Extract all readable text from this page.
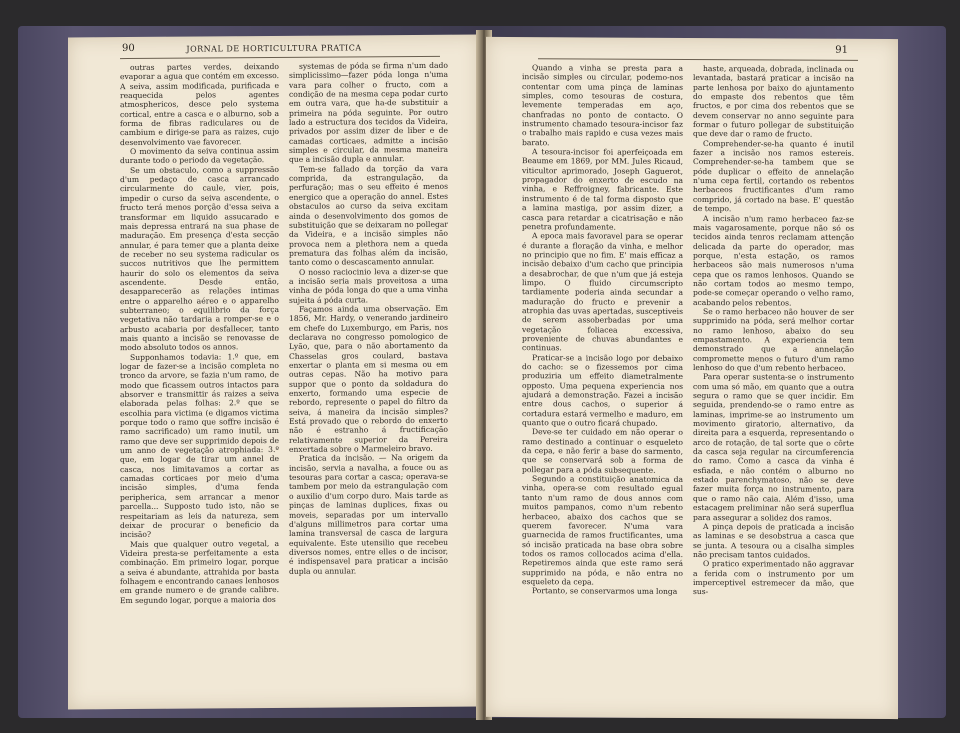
90	JORNAL DE HORTICULTURA PRATICA

outras partes verdes, deixando evaporar a agua que contém em excesso. A seiva, assim modificada, purificada e reaquecida pelos agentes atmosphericos, desce pelo systema cortical, entre a casca e o alburno, sob a forma de fibras radiculares ou de cambium e dirige-se para as raizes, cujo desenvolvimento vae favorecer.

O movimento da seiva continua assim durante todo o periodo da vegetação.

Se um obstaculo, como a suppressão d'um pedaço de casca arrancado circularmente do caule, vier, pois, impedir o curso da seiva ascendente, o fructo terá menos porção d'essa seiva a transformar em liquido assucarado e mais depressa entrará na sua phase de maduração. Em presença d'esta secção annular, é para temer que a planta deixe de receber no seu systema radicular os succos nutritivos que lhe permittem haurir do solo os elementos da seiva ascendente. Desde então, desapparecerão as relações intimas entre o apparelho aéreo e o apparelho subterraneo; o equilibrio da força vegetativa não tardaria a romper-se e o arbusto acabaria por desfallecer, tanto mais quanto a incisão se renovasse de modo absoluto todos os annos.

Supponhamos todavia: 1.º que, em logar de fazer-se a incisão completa no tronco da arvore, se fazia n'um ramo, de modo que ficassem outros intactos para absorver e transmittir ás raizes a seiva elaborada pelas folhas: 2.º que se escolhia para victima (e digamos victima porque todo o ramo que soffre incisão é ramo sacrificado) um ramo inutil, um ramo que deve ser supprimido depois de um anno de vegetação atrophiada: 3.º que, em logar de tirar um annel de casca, nos limitavamos a cortar as camadas corticaes por meio d'uma incisão simples, d'uma fenda peripherica, sem arrancar a menor parcella... Supposto tudo isto, não se respeitariam as leis da natureza, sem deixar de procurar o beneficio da incisão?

Mais que qualquer outro vegetal, a Videira presta-se perfeitamente a esta combinação. Em primeiro logar, porque a seiva é abundante, attrahida por basta folhagem e encontrando canaes lenhosos em grande numero e de grande calibre. Em segundo logar, porque a maioria dos

systemas de póda se firma n'um dado simplicissimo—fazer póda longa n'uma vara para colher o fructo, com a condição de na mesma cepa podar curto em outra vara, que ha-de substituir a primeira na póda seguinte. Por outro lado a estructura dos tecidos da Videira, privados por assim dizer de liber e de camadas corticaes, admitte a incisão simples e circular, da mesma maneira que a incisão dupla e annular.

Tem-se fallado da torção da vara comprida, da estrangulação, da perfuração; mas o seu effeito é menos energico que a operação do annel. Estes obstaculos ao curso da seiva excitam ainda o desenvolvimento dos gomos de substituição que se deixaram no pollegar da Videira, e a incisão simples não provoca nem a plethora nem a queda prematura das folhas além da incisão, tanto como o descascamento annular.

O nosso raciocinio leva a dizer-se que a incisão seria mais proveitosa a uma vinha de póda longa do que a uma vinha sujeita á póda curta.

Façamos ainda uma observação. Em 1856, Mr. Hardy, o venerando jardineiro em chefe do Luxemburgo, em Paris, nos declarava no congresso pomologico de Lyão, que, para o não abortamento da Chasselas gros coulard, bastava enxertar o planta em si mesma ou em outras cepas. Não ha motivo para suppor que o ponto da soldadura do enxerto, formando uma especie de rebordo, represente o papel do filtro da seiva, á maneira da incisão simples? Está provado que o rebordo do enxerto não é estranho á fructificação relativamente superior da Pereira enxertada sobre o Marmeleiro bravo.

Pratica da incisão. — Na origem da incisão, servia a navalha, a fouce ou as tesouras para cortar a casca; operava-se tambem por meio da estrangulação com o auxilio d'um corpo duro. Mais tarde as pinças de laminas duplices, fixas ou moveis, separadas por um intervallo d'alguns millimetros para cortar uma lamina transversal de casca de largura equivalente. Este utensilio que recebeu diversos nomes, entre elles o de incisor, é indispensavel para praticar a incisão dupla ou annular.

91

Quando a vinha se presta para a incisão simples ou circular, podemo-nos contentar com uma pinça de laminas simples, como tesouras de costura, levemente temperadas em aço, chanfradas no ponto de contacto. O instrumento chamado tesoura-incisor faz o trabalho mais rapido e cusa vezes mais barato.

A tesoura-incisor foi aperfeiçoada em Beaume em 1869, por MM. Jules Ricaud, viticultor aprimorado, Joseph Gaguerot, propagador do enxerto de escudo na vinha, e Reffroigney, fabricante. Este instrumento é de tal forma disposto que a lamina mastiga, por assim dizer, a casca para retardar a cicatrisação e não penetra profundamente.

A epoca mais favoravel para se operar é durante a floração da vinha, e melhor no principio que no fim. E' mais efficaz a incisão debaixo d'um cacho que principia a desabrochar, de que n'um que já esteja limpo. O fluido circumscripto tardiamente poderia ainda secundar a maduração do fructo e prevenir a atrophia das uvas apertadas, susceptiveis de serem assoberbadas por uma vegetação foliacea excessiva, proveniente de chuvas abundantes e continuas.

Praticar-se a incisão logo por debaixo do cacho: se o fizessemos por cima produziria um effeito diametralmente opposto. Uma pequena experiencia nos ajudará a demonstração. Fazei a incisão entre dous cachos, o superior á cortadura estará vermelho e maduro, em quanto que o outro ficará chupado.

Deve-se ter cuidado em não operar o ramo destinado a continuar o esqueleto da cepa, e não ferir a base do sarmento, que se conservará sob a forma de pollegar para a póda subsequente.

Segundo a constituição anatomica da vinha, opera-se com resultado egual tanto n'um ramo de dous annos com muitos pampanos, como n'um rebento herbaceo, abaixo dos cachos que se querem favorecer. N'uma vara guarnecida de ramos fructificantes, uma só incisão praticada na base obra sobre todos os ramos collocados acima d'ella. Repetiremos ainda que este ramo será supprimido na póda, e não entra no esqueleto da cepa.

Portanto, se conservarmos uma longa

haste, arqueada, dobrada, inclinada ou levantada, bastará praticar a incisão na parte lenhosa por baixo do ajuntamento do empaste dos rebentos que têm fructos, e por cima dos rebentos que se devem conservar no anno seguinte para formar o futuro pollegar de substituição que deve dar o ramo de fructo.

Comprehender-se-ha quanto é inutil fazer a incisão nos ramos estereis. Comprehender-se-ha tambem que se póde duplicar o effeito de annelação n'uma cepa fertil, cortando os rebentos herbaceos fructificantes d'um ramo comprido, já cortado na base. E' questão de tempo.

A incisão n'um ramo herbaceo faz-se mais vagarosamente, porque não só os tecidos ainda tenros reclamam attenção delicada da parte do operador, mas porque, n'esta estação, os ramos herbaceos são mais numerosos n'uma cepa que os ramos lenhosos. Quando se não cortam todos ao mesmo tempo, pode-se começar operando o velho ramo, acabando pelos rebentos.

Se o ramo herbaceo não houver de ser supprimido na póda, será melhor cortar no ramo lenhoso, abaixo do seu empastamento. A experiencia tem demonstrado que a annelação compromette menos o futuro d'um ramo lenhoso do que d'um rebento herbaceo.

Para operar sustenta-se o instrumento com uma só mão, em quanto que a outra segura o ramo que se quer incidir. Em seguida, prendendo-se o ramo entre as laminas, imprime-se ao instrumento um movimento giratorio, alternativo, da direita para a esquerda, representando o arco de rotação, de tal sorte que o côrte da casca seja regular na circumferencia do ramo. Como a casca da vinha é esfiada, e não contém o alburno no estado parenchymatoso, não se deve fazer muita força no instrumento, para que o ramo não caia. Além d'isso, uma estacagem preliminar não será superflua para assegurar a solidez dos ramos.

A pinça depois de praticada a incisão as laminas e se desobstrua a casca que se junta. A tesoura ou a cisalha simples não precisam tantos cuidados.

O pratico experimentado não aggravar a ferida com o instrumento por um imperceptivel estremecer da mão, que sus-
